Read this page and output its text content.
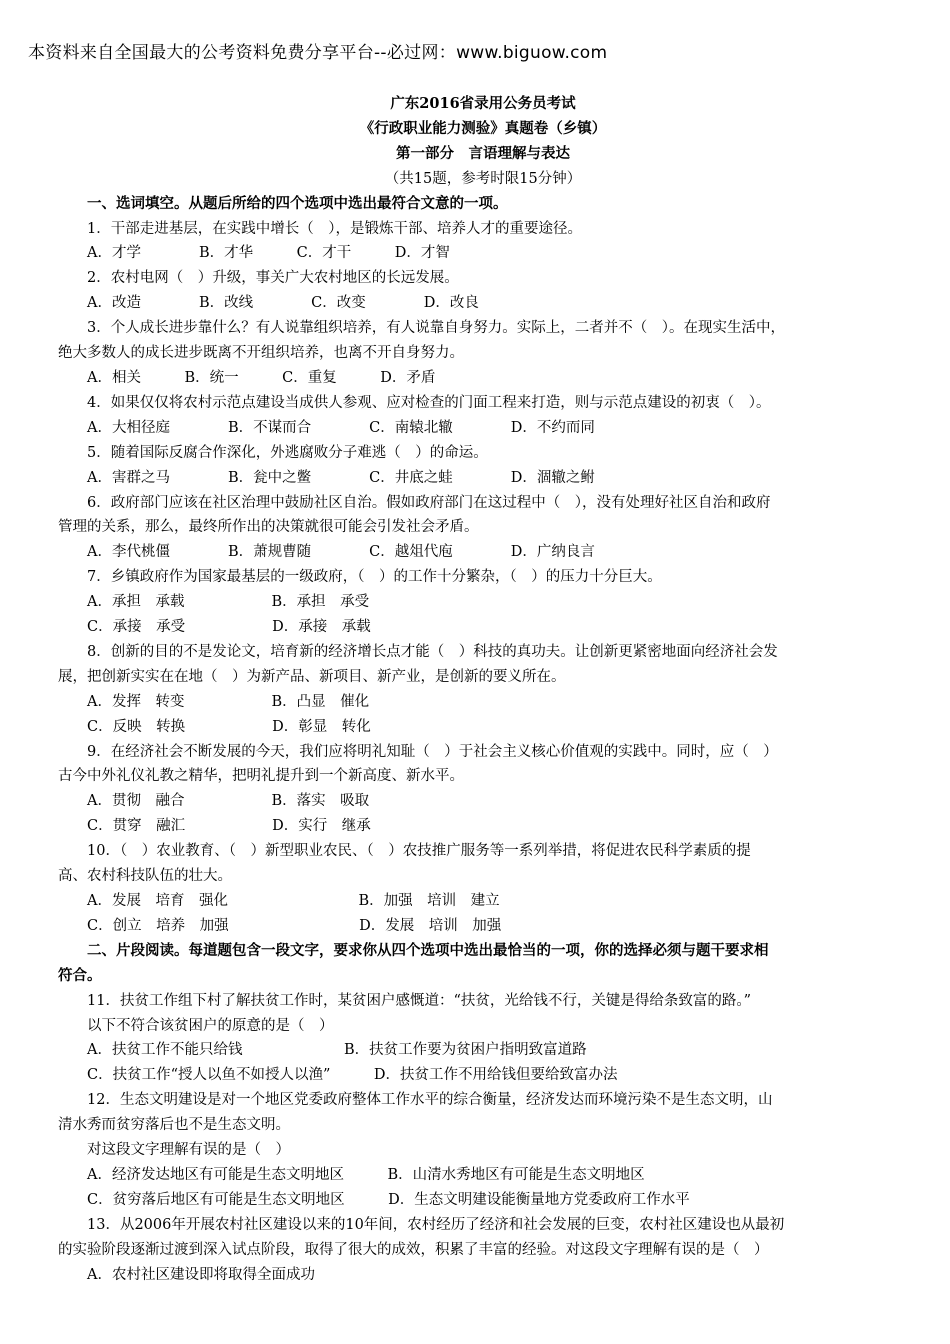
本资料来自全国最大的公考资料免费分享平台--必过网：www.biguow.com
广东2016省录用公务员考试
《行政职业能力测验》真题卷（乡镇）
第一部分　言语理解与表达
（共15题，参考时限15分钟）
一、选词填空。从题后所给的四个选项中选出最符合文意的一项。
1．干部走进基层，在实践中增长（　），是锻炼干部、培养人才的重要途径。
A．才学　　　　B．才华　　　C．才干　　　D．才智
2．农村电网（　）升级，事关广大农村地区的长远发展。
A．改造　　　　B．改线　　　　C．改变　　　　D．改良
3．个人成长进步靠什么？有人说靠组织培养，有人说靠自身努力。实际上，二者并不（　）。在现实生活中，
绝大多数人的成长进步既离不开组织培养，也离不开自身努力。
A．相关　　　B．统一　　　C．重复　　　D．矛盾
4．如果仅仅将农村示范点建设当成供人参观、应对检查的门面工程来打造，则与示范点建设的初衷（　）。
A．大相径庭　　　　B．不谋而合　　　　C．南辕北辙　　　　D．不约而同
5．随着国际反腐合作深化，外逃腐败分子难逃（　）的命运。
A．害群之马　　　　B．瓮中之鳖　　　　C．井底之蛙　　　　D．涸辙之鲋
6．政府部门应该在社区治理中鼓励社区自治。假如政府部门在这过程中（　），没有处理好社区自治和政府
管理的关系，那么，最终所作出的决策就很可能会引发社会矛盾。
A．李代桃僵　　　　B．萧规曹随　　　　C．越俎代庖　　　　D．广纳良言
7．乡镇政府作为国家最基层的一级政府，（　）的工作十分繁杂，（　）的压力十分巨大。
A．承担　承载　　　　　　B．承担　承受
C．承接　承受　　　　　　D．承接　承载
8．创新的目的不是发论文，培育新的经济增长点才能（　）科技的真功夫。让创新更紧密地面向经济社会发
展，把创新实实在在地（　）为新产品、新项目、新产业，是创新的要义所在。
A．发挥　转变　　　　　　B．凸显　催化
C．反映　转换　　　　　　D．彰显　转化
9．在经济社会不断发展的今天，我们应将明礼知耻（　）于社会主义核心价值观的实践中。同时，应（　）
古今中外礼仪礼教之精华，把明礼提升到一个新高度、新水平。
A．贯彻　融合　　　　　　B．落实　吸取
C．贯穿　融汇　　　　　　D．实行　继承
10．（　）农业教育、（　）新型职业农民、（　）农技推广服务等一系列举措，将促进农民科学素质的提
高、农村科技队伍的壮大。
A．发展　培育　强化　　　　　　　　　B．加强　培训　建立
C．创立　培养　加强　　　　　　　　　D．发展　培训　加强
二、片段阅读。每道题包含一段文字，要求你从四个选项中选出最恰当的一项，你的选择必须与题干要求相
符合。
11．扶贫工作组下村了解扶贫工作时，某贫困户感慨道：“扶贫，光给钱不行，关键是得给条致富的路。”
以下不符合该贫困户的原意的是（　）
A．扶贫工作不能只给钱　　　　　　　B．扶贫工作要为贫困户指明致富道路
C．扶贫工作“授人以鱼不如授人以渔”　　　D．扶贫工作不用给钱但要给致富办法
12．生态文明建设是对一个地区党委政府整体工作水平的综合衡量，经济发达而环境污染不是生态文明，山
清水秀而贫穷落后也不是生态文明。
对这段文字理解有误的是（　）
A．经济发达地区有可能是生态文明地区　　　B．山清水秀地区有可能是生态文明地区
C．贫穷落后地区有可能是生态文明地区　　　D．生态文明建设能衡量地方党委政府工作水平
13．从2006年开展农村社区建设以来的10年间，农村经历了经济和社会发展的巨变，农村社区建设也从最初
的实验阶段逐渐过渡到深入试点阶段，取得了很大的成效，积累了丰富的经验。对这段文字理解有误的是（　）
A．农村社区建设即将取得全面成功
